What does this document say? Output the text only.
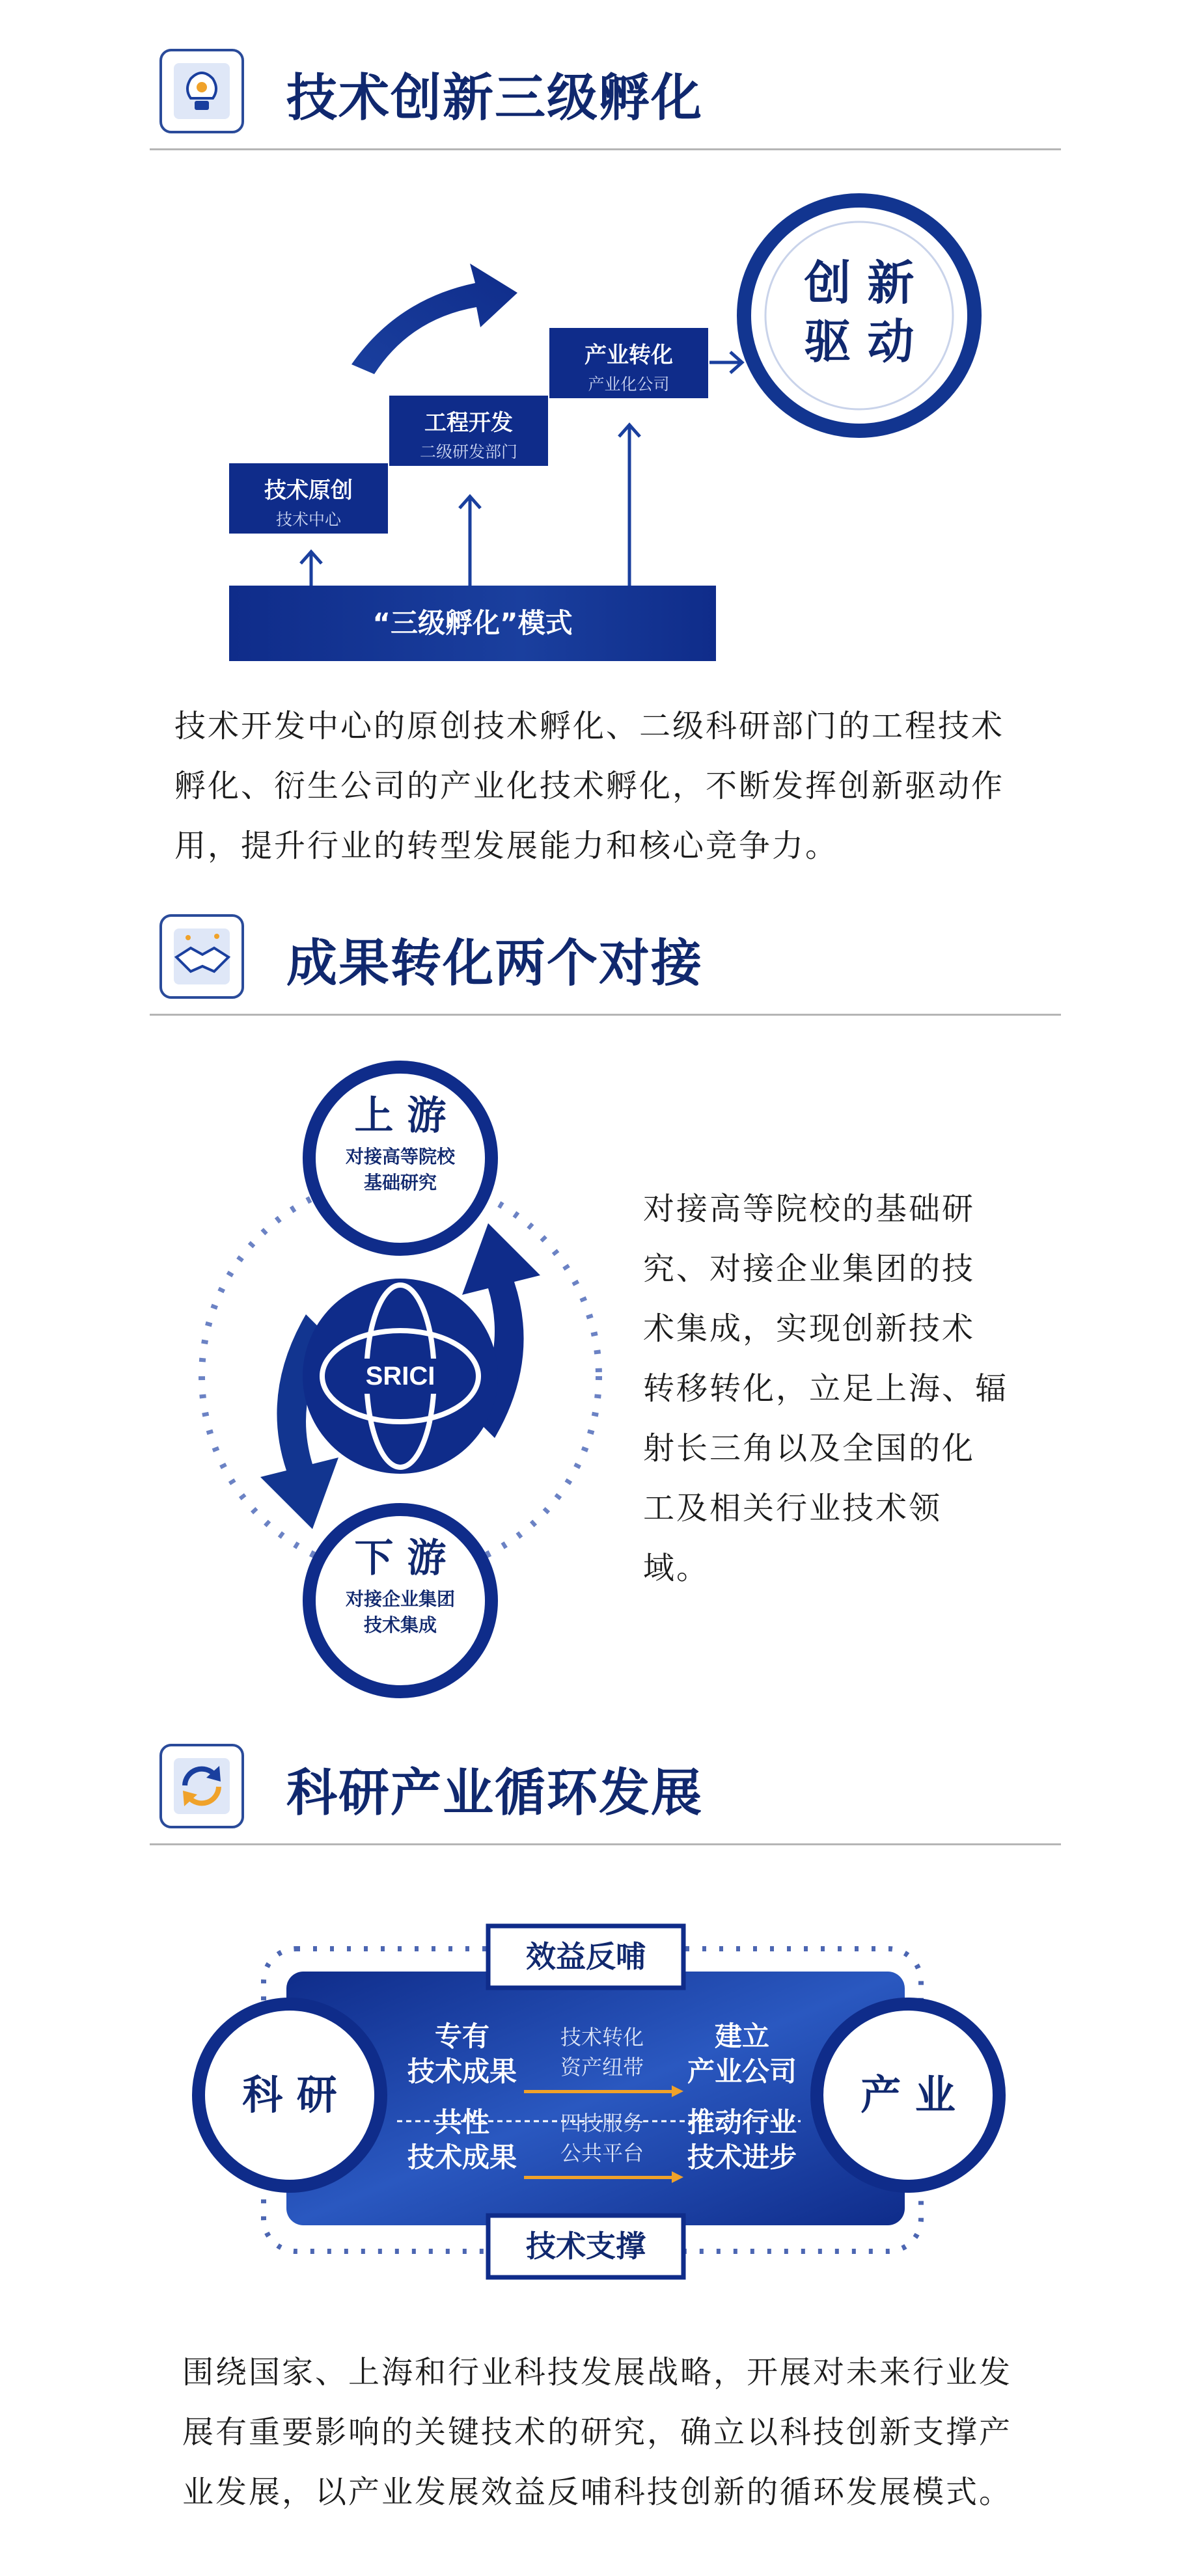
技术创新三级孵化
技术原创
技术中心
工程开发
二级研发部门
产业转化
产业化公司
“三级孵化”模式
创 新
驱 动
技术开发中心的原创技术孵化、二级科研部门的工程技术
孵化、衍生公司的产业化技术孵化，不断发挥创新驱动作
用，提升行业的转型发展能力和核心竞争力。
成果转化两个对接
SRICI
上 游
对接高等院校
基础研究
下 游
对接企业集团
技术集成
对接高等院校的基础研
究、对接企业集团的技
术集成，实现创新技术
转移转化，立足上海、辐
射长三角以及全国的化
工及相关行业技术领
域。
科研产业循环发展
效益反哺
技术支撑
科 研	产 业
专有
技术成果
技术转化
资产纽带
建立
产业公司
共性
技术成果
四技服务
公共平台
推动行业
技术进步
围绕国家、上海和行业科技发展战略，开展对未来行业发
展有重要影响的关键技术的研究，确立以科技创新支撑产
业发展，以产业发展效益反哺科技创新的循环发展模式。
